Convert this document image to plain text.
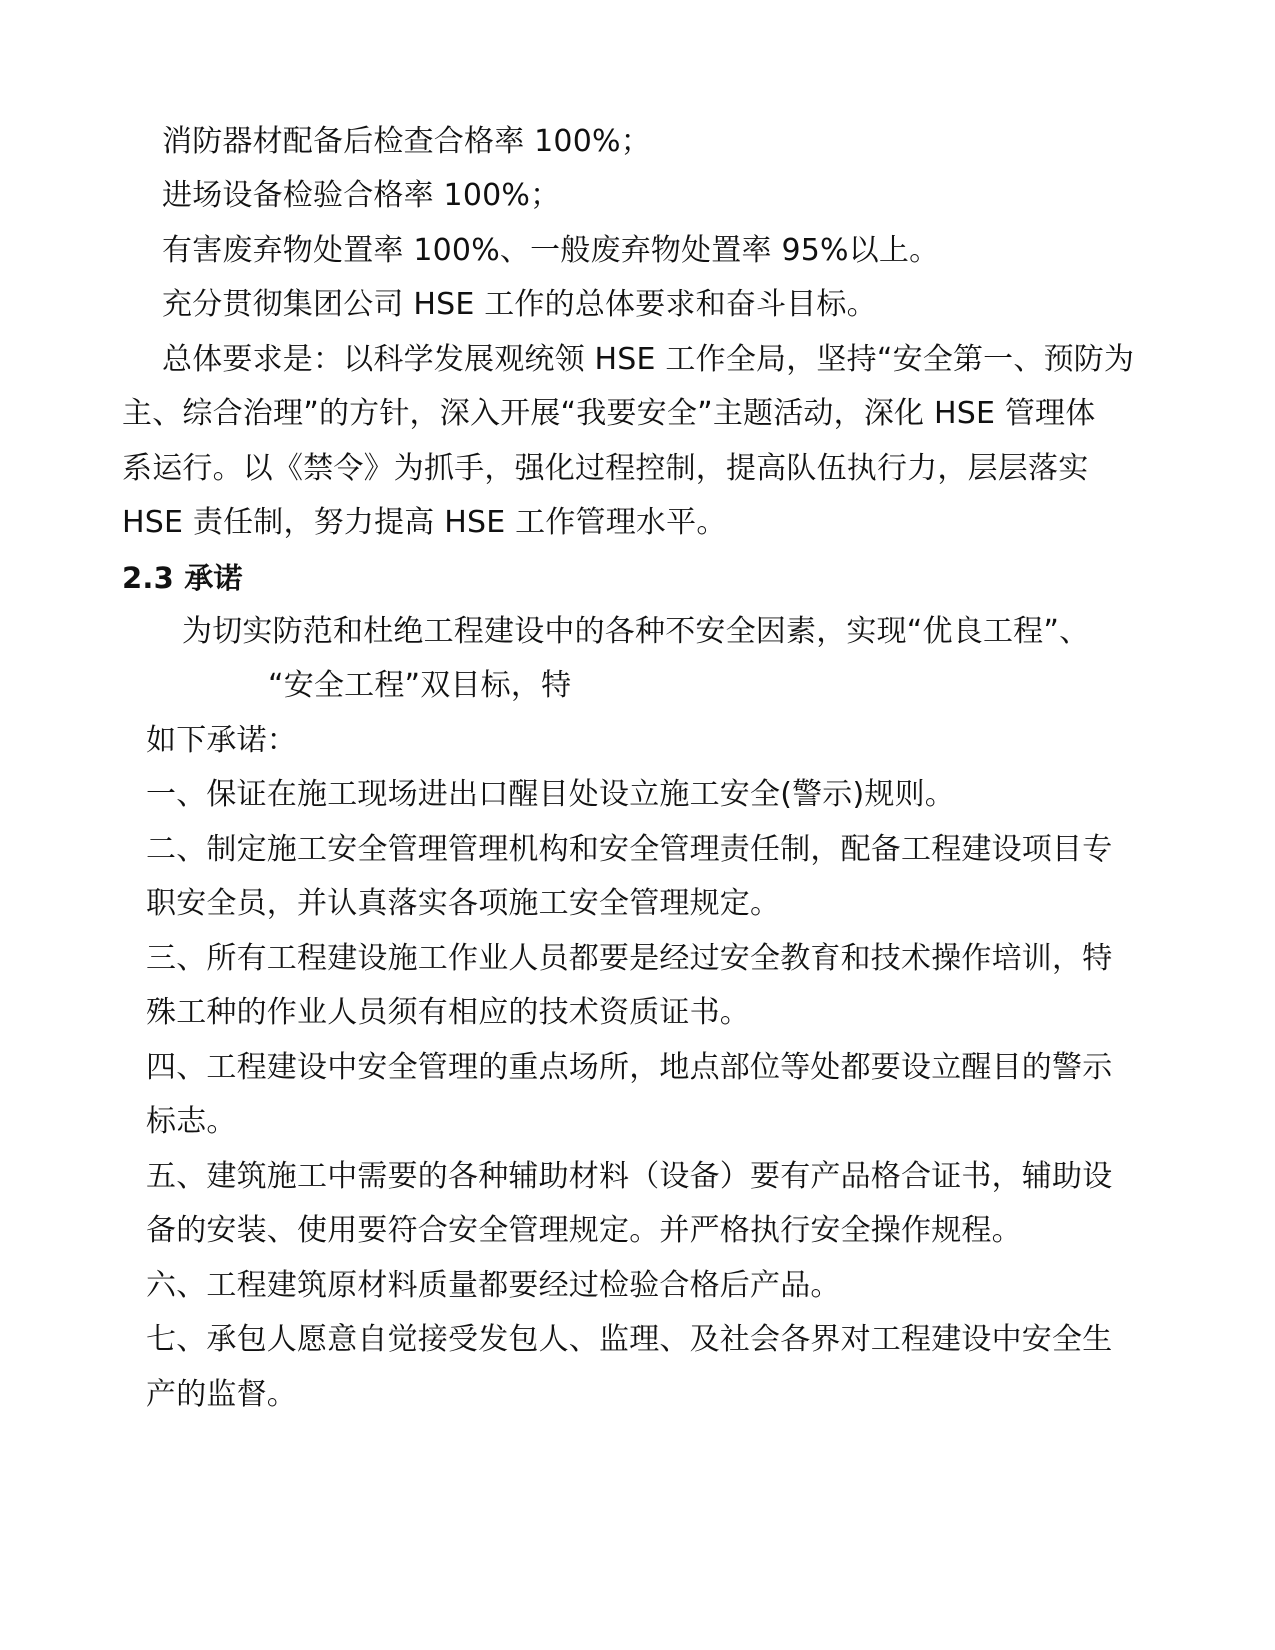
消防器材配备后检查合格率 100%；
进场设备检验合格率 100%；
有害废弃物处置率 100%、一般废弃物处置率 95%以上。
充分贯彻集团公司 HSE 工作的总体要求和奋斗目标。
总体要求是：以科学发展观统领 HSE 工作全局，坚持“安全第一、预防为
主、综合治理”的方针，深入开展“我要安全”主题活动，深化 HSE 管理体
系运行。以《禁令》为抓手，强化过程控制，提高队伍执行力，层层落实
HSE 责任制，努力提高 HSE 工作管理水平。
2.3 承诺
为切实防范和杜绝工程建设中的各种不安全因素，实现“优良工程”、
“安全工程”双目标，特
如下承诺：
一、保证在施工现场进出口醒目处设立施工安全(警示)规则。
二、制定施工安全管理管理机构和安全管理责任制，配备工程建设项目专
职安全员，并认真落实各项施工安全管理规定。
三、所有工程建设施工作业人员都要是经过安全教育和技术操作培训，特
殊工种的作业人员须有相应的技术资质证书。
四、工程建设中安全管理的重点场所，地点部位等处都要设立醒目的警示
标志。
五、建筑施工中需要的各种辅助材料（设备）要有产品格合证书，辅助设
备的安装、使用要符合安全管理规定。并严格执行安全操作规程。
六、工程建筑原材料质量都要经过检验合格后产品。
七、承包人愿意自觉接受发包人、监理、及社会各界对工程建设中安全生
产的监督。
